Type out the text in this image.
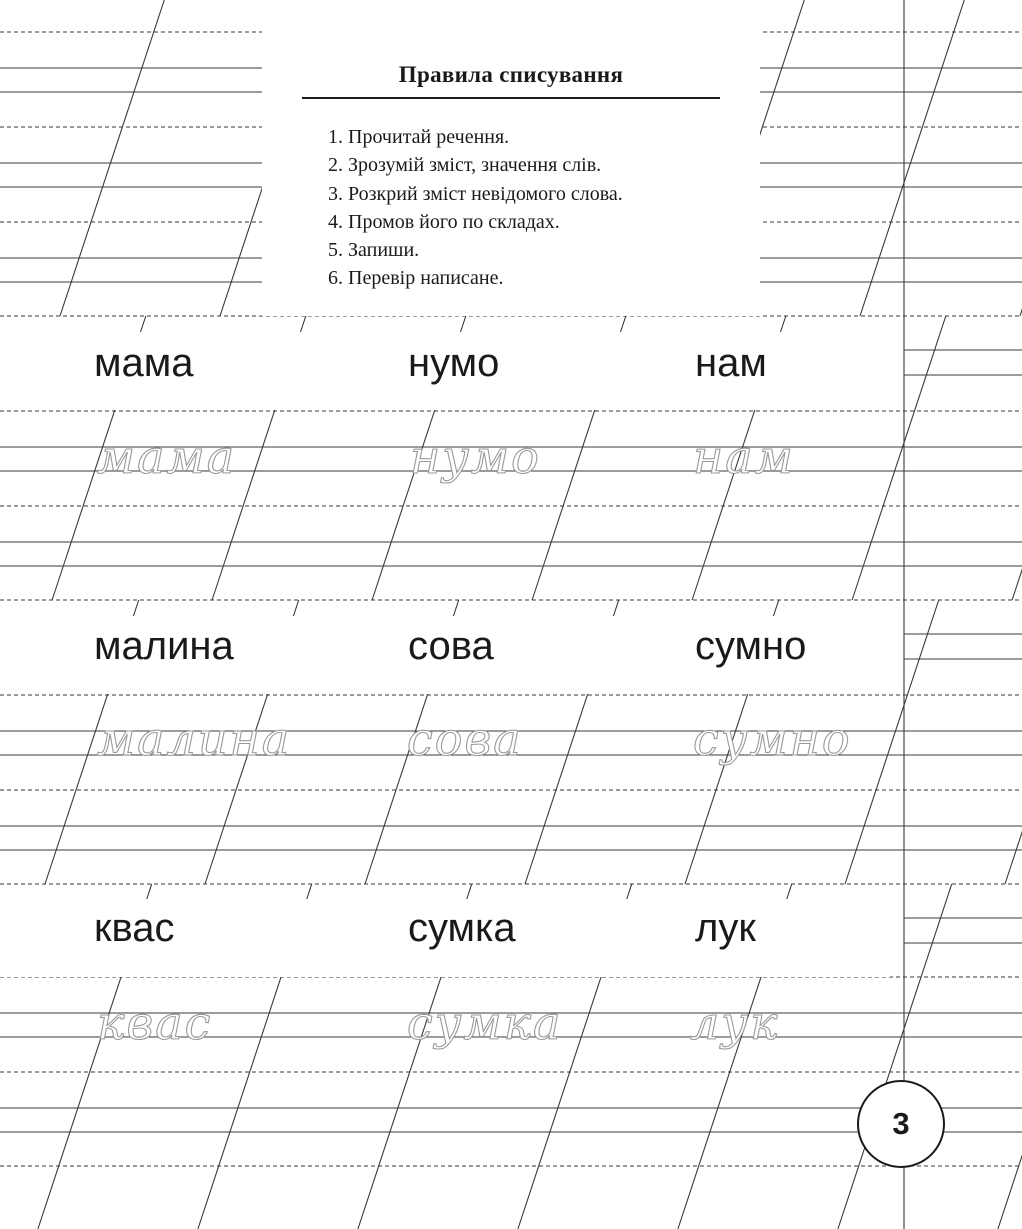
Правила списування
1. Прочитай речення.
2. Зрозумій зміст, значення слів.
3. Розкрий зміст невідомого слова.
4. Промов його по складах.
5. Запиши.
6. Перевір написане.
мама	нумо	нам
мама	нумо	нам
малина	сова	сумно
малина	сова	сумно
квас	сумка	лук
квас	сумка	лук
3
